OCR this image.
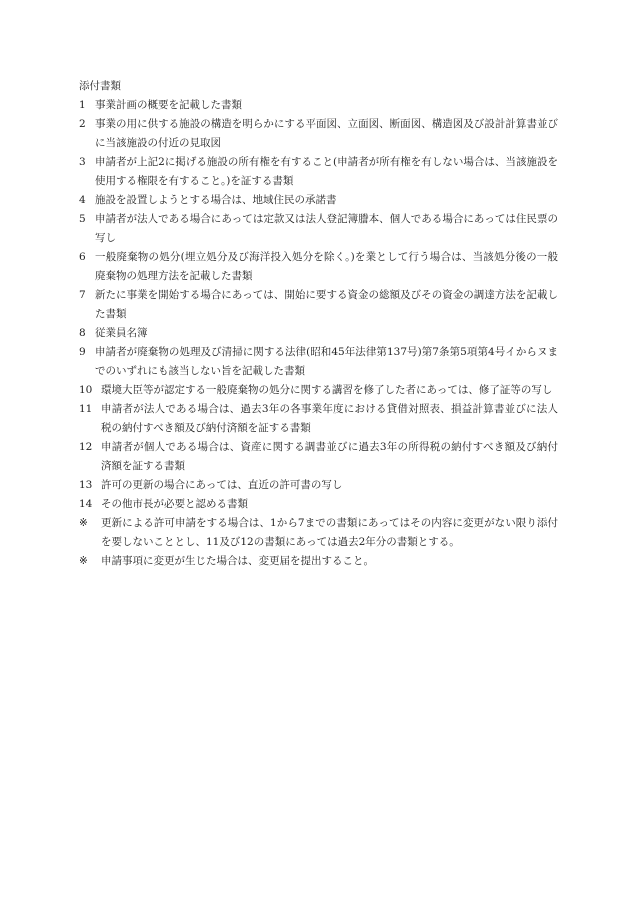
添付書類
1 事業計画の概要を記載した書類
2 事業の用に供する施設の構造を明らかにする平面図、立面図、断面図、構造図及び設計計算書並びに当該施設の付近の見取図
3 申請者が上記2に掲げる施設の所有権を有すること(申請者が所有権を有しない場合は、当該施設を使用する権限を有すること。)を証する書類
4 施設を設置しようとする場合は、地域住民の承諾書
5 申請者が法人である場合にあっては定款又は法人登記簿謄本、個人である場合にあっては住民票の写し
6 一般廃棄物の処分(埋立処分及び海洋投入処分を除く。)を業として行う場合は、当該処分後の一般廃棄物の処理方法を記載した書類
7 新たに事業を開始する場合にあっては、開始に要する資金の総額及びその資金の調達方法を記載した書類
8 従業員名簿
9 申請者が廃棄物の処理及び清掃に関する法律(昭和45年法律第137号)第7条第5項第4号イからヌまでのいずれにも該当しない旨を記載した書類
10 環境大臣等が認定する一般廃棄物の処分に関する講習を修了した者にあっては、修了証等の写し
11 申請者が法人である場合は、過去3年の各事業年度における貸借対照表、損益計算書並びに法人税の納付すべき額及び納付済額を証する書類
12 申請者が個人である場合は、資産に関する調書並びに過去3年の所得税の納付すべき額及び納付済額を証する書類
13 許可の更新の場合にあっては、直近の許可書の写し
14 その他市長が必要と認める書類
※	更新による許可申請をする場合は、1から7までの書類にあってはその内容に変更がない限り添付を要しないこととし、11及び12の書類にあっては過去2年分の書類とする。
※	申請事項に変更が生じた場合は、変更届を提出すること。
